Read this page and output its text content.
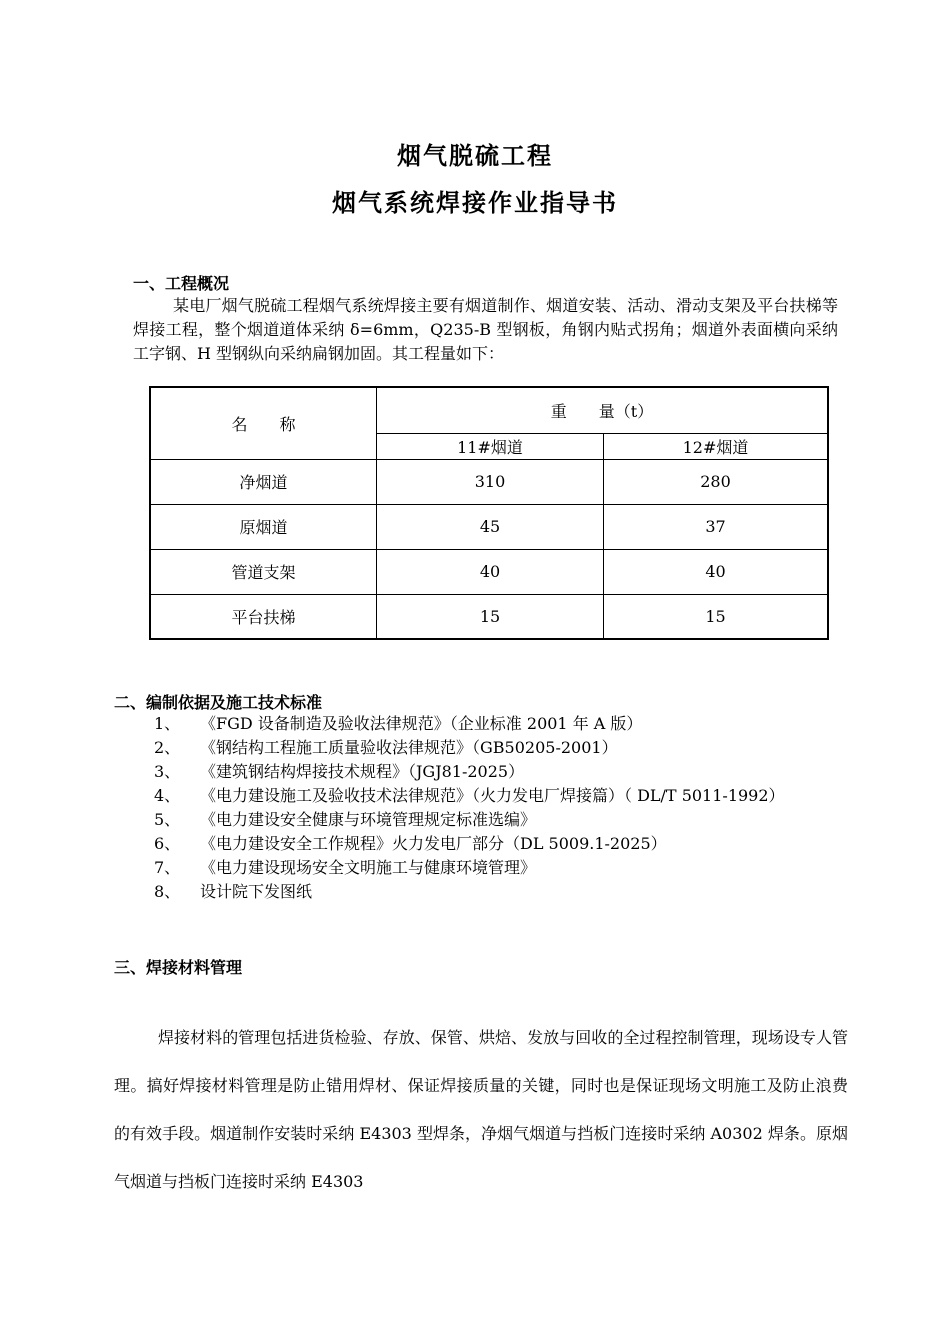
烟气脱硫工程
烟气系统焊接作业指导书
一、工程概况
某电厂烟气脱硫工程烟气系统焊接主要有烟道制作、烟道安装、活动、滑动支架及平台扶梯等焊接工程，整个烟道道体采纳 δ=6mm，Q235-B 型钢板，角钢内贴式拐角；烟道外表面横向采纳工字钢、H 型钢纵向采纳扁钢加固。其工程量如下：
名　　称	重　　量（t）	
	11#烟道	12#烟道
净烟道	310	280
原烟道	45	37
管道支架	40	40
平台扶梯	15	15
二、编制依据及施工技术标准
1、 《FGD 设备制造及验收法律规范》（企业标准 2001 年 A 版）
2、 《钢结构工程施工质量验收法律规范》（GB50205-2001）
3、 《建筑钢结构焊接技术规程》（JGJ81-2025）
4、 《电力建设施工及验收技术法律规范》（火力发电厂焊接篇）（ DL/T 5011-1992）
5、 《电力建设安全健康与环境管理规定标准选编》
6、 《电力建设安全工作规程》火力发电厂部分（DL 5009.1-2025）
7、 《电力建设现场安全文明施工与健康环境管理》
8、 设计院下发图纸
三、焊接材料管理
焊接材料的管理包括进货检验、存放、保管、烘焙、发放与回收的全过程控制管理，现场设专人管理。搞好焊接材料管理是防止错用焊材、保证焊接质量的关键，同时也是保证现场文明施工及防止浪费的有效手段。烟道制作安装时采纳 E4303 型焊条，净烟气烟道与挡板门连接时采纳 A0302 焊条。原烟气烟道与挡板门连接时采纳 E4303
